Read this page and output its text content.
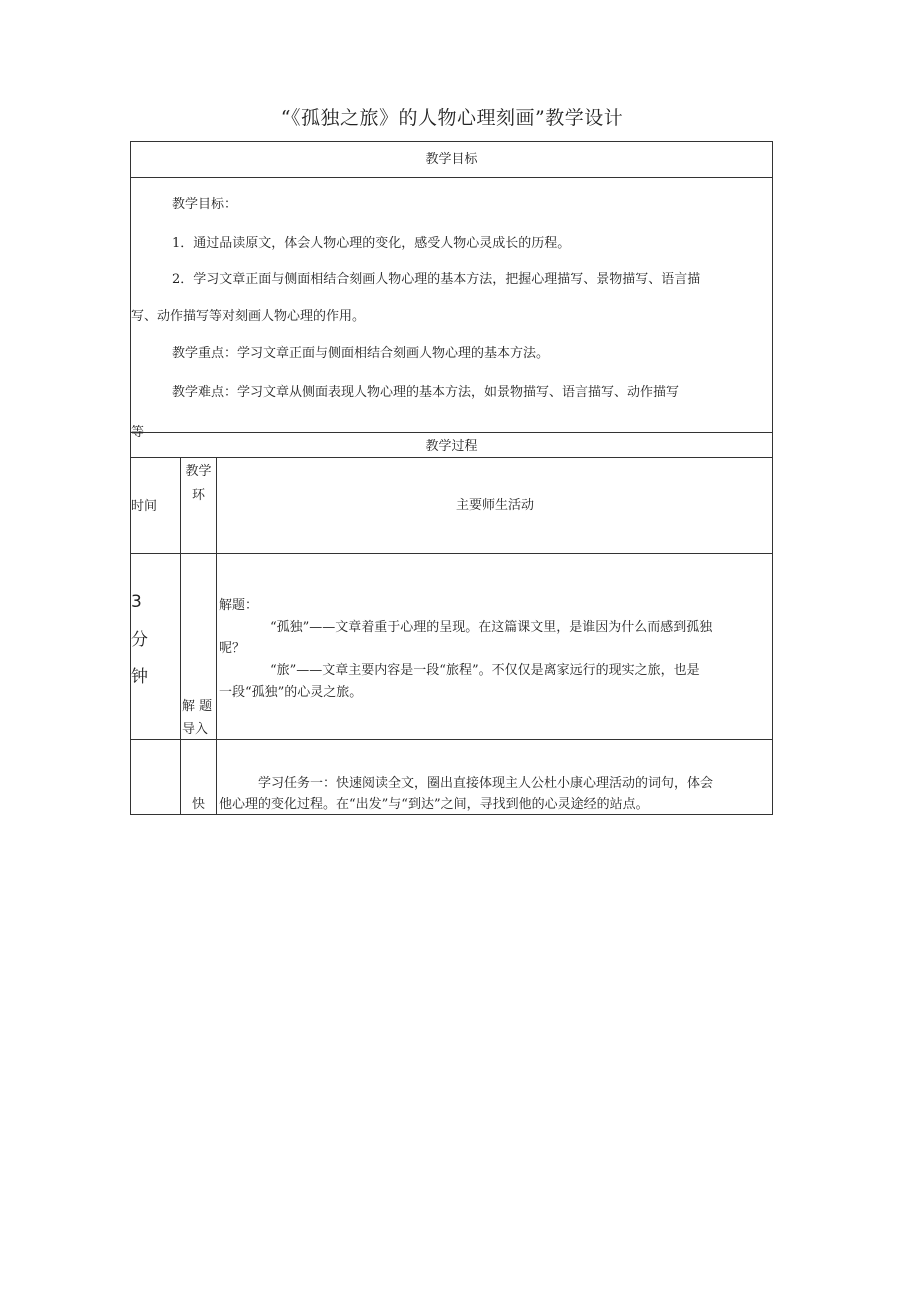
“《孤独之旅》的人物心理刻画”教学设计
教学目标
教学目标：
1．通过品读原文，体会人物心理的变化，感受人物心灵成长的历程。
2．学习文章正面与侧面相结合刻画人物心理的基本方法，把握心理描写、景物描写、语言描
写、动作描写等对刻画人物心理的作用。
教学重点：学习文章正面与侧面相结合刻画人物心理的基本方法。
教学难点：学习文章从侧面表现人物心理的基本方法，如景物描写、语言描写、动作描写
等
教学过程
时间
教学
环
主要师生活动
3
分
钟
解 题
导入
解题：
“孤独”——文章着重于心理的呈现。在这篇课文里，是谁因为什么而感到孤独
呢？
“旅”——文章主要内容是一段“旅程”。不仅仅是离家远行的现实之旅，也是
一段“孤独”的心灵之旅。
快
学习任务一：快速阅读全文，圈出直接体现主人公杜小康心理活动的词句，体会
他心理的变化过程。在“出发”与“到达”之间，寻找到他的心灵途经的站点。
